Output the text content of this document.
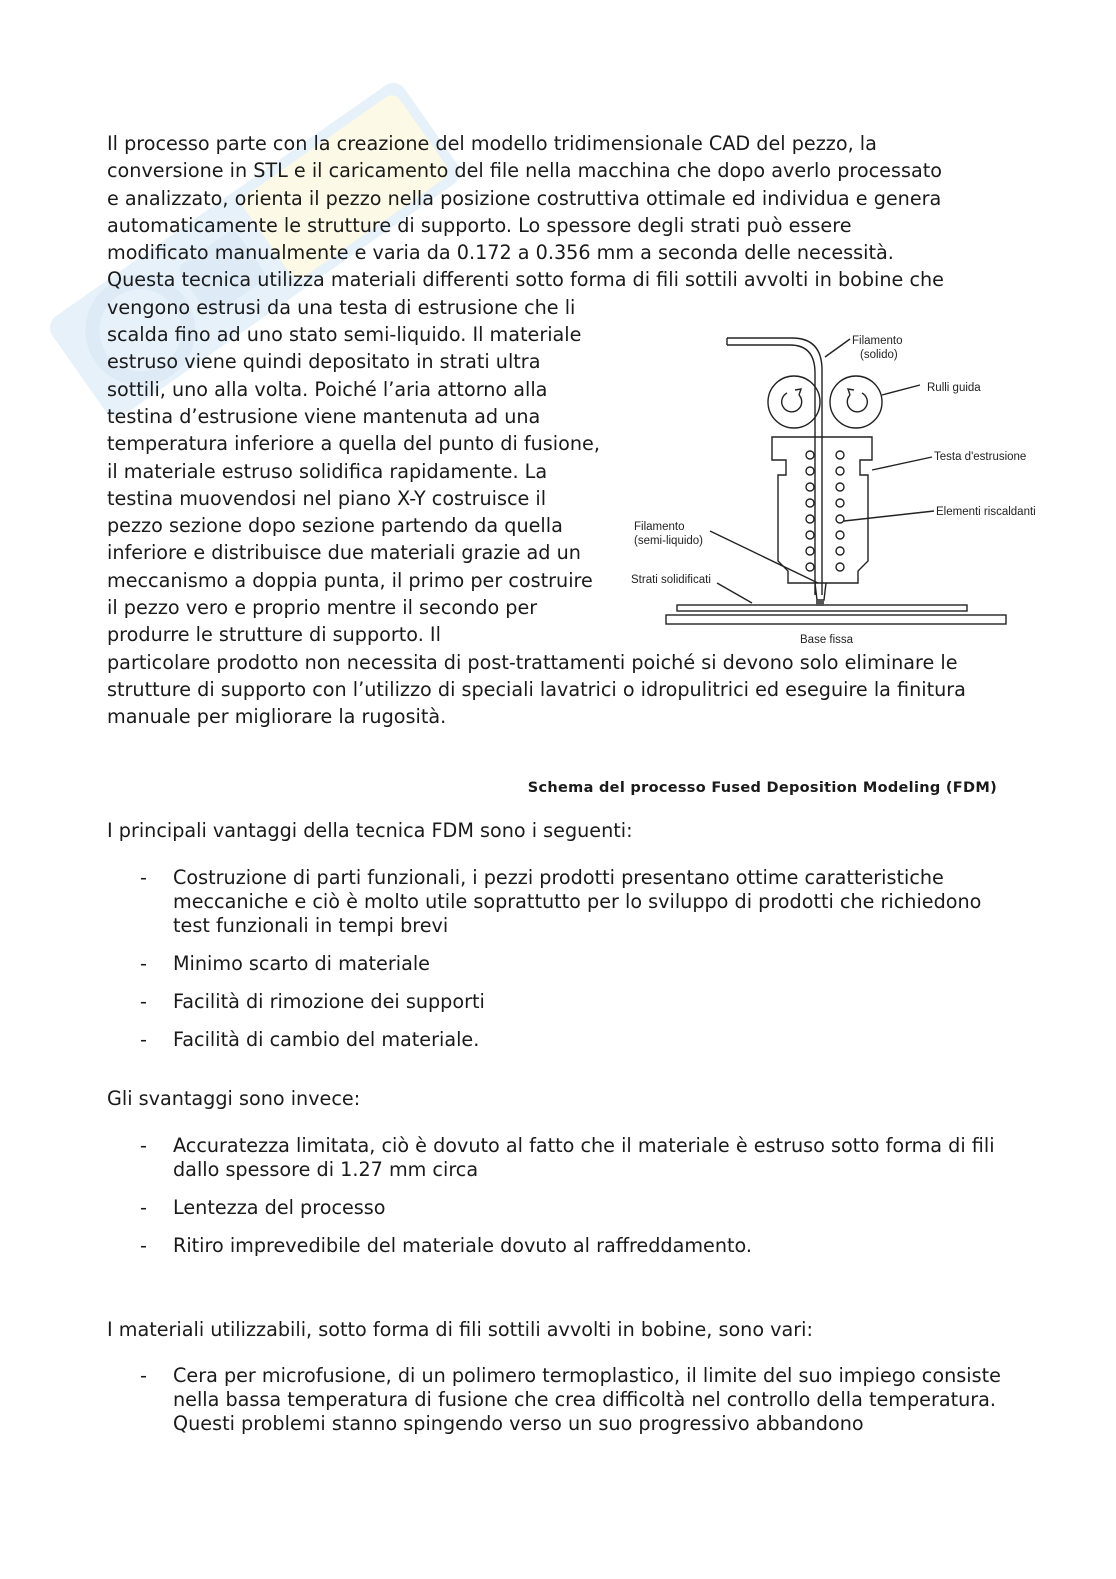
Il processo parte con la creazione del modello tridimensionale CAD del pezzo, la
conversione in STL e il caricamento del file nella macchina che dopo averlo processato
e analizzato, orienta il pezzo nella posizione costruttiva ottimale ed individua e genera
automaticamente le strutture di supporto. Lo spessore degli strati può essere
modificato manualmente e varia da 0.172 a 0.356 mm a seconda delle necessità.
Questa tecnica utilizza materiali differenti sotto forma di fili sottili avvolti in bobine che
vengono estrusi da una testa di estrusione che li scalda fino ad uno stato semi-liquido. Il materiale estruso viene quindi depositato in strati ultra sottili, uno alla volta. Poiché l’aria attorno alla testina d’estrusione viene mantenuta ad una temperatura inferiore a quella del punto di fusione, il materiale estruso solidifica rapidamente. La testina muovendosi nel piano X-Y costruisce il pezzo sezione dopo sezione partendo da quella inferiore e distribuisce due materiali grazie ad un meccanismo a doppia punta, il primo per costruire il pezzo vero e proprio mentre il secondo per produrre le strutture di supporto. Il
particolare prodotto non necessita di post-trattamenti poiché si devono solo eliminare le strutture di supporto con l’utilizzo di speciali lavatrici o idropulitrici ed eseguire la finitura manuale per migliorare la rugosità.
Filamento
(solido)
Rulli guida
Testa d'estrusione
Elementi riscaldanti
Filamento
(semi-liquido)
Strati solidificati
Base fissa
Schema del processo Fused Deposition Modeling (FDM)
I principali vantaggi della tecnica FDM sono i seguenti:
- Costruzione di parti funzionali, i pezzi prodotti presentano ottime caratteristiche meccaniche e ciò è molto utile soprattutto per lo sviluppo di prodotti che richiedono test funzionali in tempi brevi
- Minimo scarto di materiale
- Facilità di rimozione dei supporti
- Facilità di cambio del materiale.
Gli svantaggi sono invece:
- Accuratezza limitata, ciò è dovuto al fatto che il materiale è estruso sotto forma di fili dallo spessore di 1.27 mm circa
- Lentezza del processo
- Ritiro imprevedibile del materiale dovuto al raffreddamento.
I materiali utilizzabili, sotto forma di fili sottili avvolti in bobine, sono vari:
- Cera per microfusione, di un polimero termoplastico, il limite del suo impiego consiste nella bassa temperatura di fusione che crea difficoltà nel controllo della temperatura. Questi problemi stanno spingendo verso un suo progressivo abbandono
